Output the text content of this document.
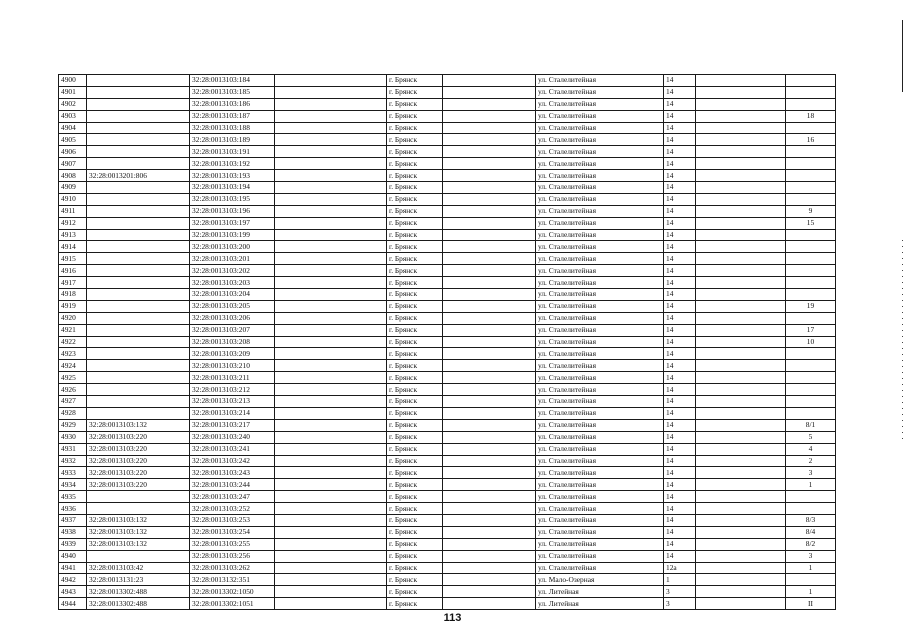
4900		32:28:0013103:184		г. Брянск		ул. Сталелитейная	14		
4901		32:28:0013103:185		г. Брянск		ул. Сталелитейная	14		
4902		32:28:0013103:186		г. Брянск		ул. Сталелитейная	14		
4903		32:28:0013103:187		г. Брянск		ул. Сталелитейная	14		18
4904		32:28:0013103:188		г. Брянск		ул. Сталелитейная	14		
4905		32:28:0013103:189		г. Брянск		ул. Сталелитейная	14		16
4906		32:28:0013103:191		г. Брянск		ул. Сталелитейная	14		
4907		32:28:0013103:192		г. Брянск		ул. Сталелитейная	14		
4908	32:28:0013201:806	32:28:0013103:193		г. Брянск		ул. Сталелитейная	14		
4909		32:28:0013103:194		г. Брянск		ул. Сталелитейная	14		
4910		32:28:0013103:195		г. Брянск		ул. Сталелитейная	14		
4911		32:28:0013103:196		г. Брянск		ул. Сталелитейная	14		9
4912		32:28:0013103:197		г. Брянск		ул. Сталелитейная	14		15
4913		32:28:0013103:199		г. Брянск		ул. Сталелитейная	14		
4914		32:28:0013103:200		г. Брянск		ул. Сталелитейная	14		
4915		32:28:0013103:201		г. Брянск		ул. Сталелитейная	14		
4916		32:28:0013103:202		г. Брянск		ул. Сталелитейная	14		
4917		32:28:0013103:203		г. Брянск		ул. Сталелитейная	14		
4918		32:28:0013103:204		г. Брянск		ул. Сталелитейная	14		
4919		32:28:0013103:205		г. Брянск		ул. Сталелитейная	14		19
4920		32:28:0013103:206		г. Брянск		ул. Сталелитейная	14		
4921		32:28:0013103:207		г. Брянск		ул. Сталелитейная	14		17
4922		32:28:0013103:208		г. Брянск		ул. Сталелитейная	14		10
4923		32:28:0013103:209		г. Брянск		ул. Сталелитейная	14		
4924		32:28:0013103:210		г. Брянск		ул. Сталелитейная	14		
4925		32:28:0013103:211		г. Брянск		ул. Сталелитейная	14		
4926		32:28:0013103:212		г. Брянск		ул. Сталелитейная	14		
4927		32:28:0013103:213		г. Брянск		ул. Сталелитейная	14		
4928		32:28:0013103:214		г. Брянск		ул. Сталелитейная	14		
4929	32:28:0013103:132	32:28:0013103:217		г. Брянск		ул. Сталелитейная	14		8/1
4930	32:28:0013103:220	32:28:0013103:240		г. Брянск		ул. Сталелитейная	14		5
4931	32:28:0013103:220	32:28:0013103:241		г. Брянск		ул. Сталелитейная	14		4
4932	32:28:0013103:220	32:28:0013103:242		г. Брянск		ул. Сталелитейная	14		2
4933	32:28:0013103:220	32:28:0013103:243		г. Брянск		ул. Сталелитейная	14		3
4934	32:28:0013103:220	32:28:0013103:244		г. Брянск		ул. Сталелитейная	14		1
4935		32:28:0013103:247		г. Брянск		ул. Сталелитейная	14		
4936		32:28:0013103:252		г. Брянск		ул. Сталелитейная	14		
4937	32:28:0013103:132	32:28:0013103:253		г. Брянск		ул. Сталелитейная	14		8/3
4938	32:28:0013103:132	32:28:0013103:254		г. Брянск		ул. Сталелитейная	14		8/4
4939	32:28:0013103:132	32:28:0013103:255		г. Брянск		ул. Сталелитейная	14		8/2
4940		32:28:0013103:256		г. Брянск		ул. Сталелитейная	14		3
4941	32:28:0013103:42	32:28:0013103:262		г. Брянск		ул. Сталелитейная	12а		1
4942	32:28:0013131:23	32:28:0013132:351		г. Брянск		ул. Мало-Озерная	1		
4943	32:28:0013302:488	32:28:0013302:1050		г. Брянск		ул. Литейная	3		1
4944	32:28:0013302:488	32:28:0013302:1051		г. Брянск		ул. Литейная	3		II
113
